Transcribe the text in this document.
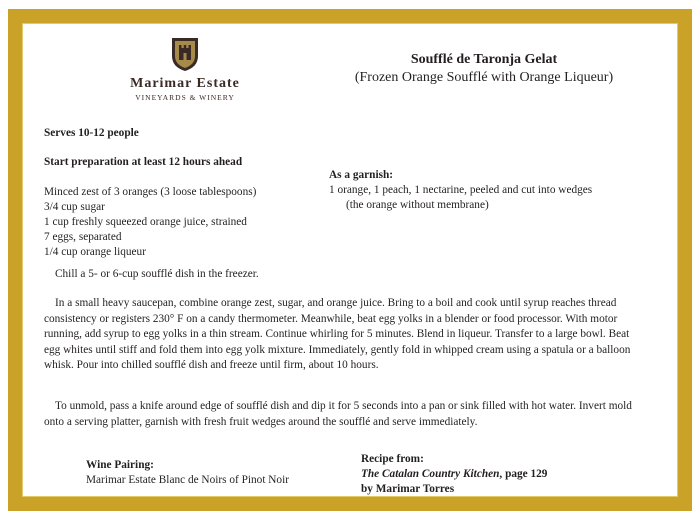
Marimar Estate
VINEYARDS & WINERY
Soufflé de Taronja Gelat
(Frozen Orange Soufflé with Orange Liqueur)
Serves 10-12 people
Start preparation at least 12 hours ahead
Minced zest of 3 oranges (3 loose tablespoons)
3/4 cup sugar
1 cup freshly squeezed orange juice, strained
7 eggs, separated
1/4 cup orange liqueur
As a garnish:
1 orange, 1 peach, 1 nectarine, peeled and cut into wedges
(the orange without membrane)
Chill a 5- or 6-cup soufflé dish in the freezer.
In a small heavy saucepan, combine orange zest, sugar, and orange juice. Bring to a boil and cook until syrup reaches thread consistency or registers 230° F on a candy thermometer. Meanwhile, beat egg yolks in a blender or food processor. With motor running, add syrup to egg yolks in a thin stream. Continue whirling for 5 minutes. Blend in liqueur. Transfer to a large bowl. Beat egg whites until stiff and fold them into egg yolk mixture. Immediately, gently fold in whipped cream using a spatula or a balloon whisk. Pour into chilled soufflé dish and freeze until firm, about 10 hours.
To unmold, pass a knife around edge of soufflé dish and dip it for 5 seconds into a pan or sink filled with hot water. Invert mold onto a serving platter, garnish with fresh fruit wedges around the soufflé and serve immediately.
Wine Pairing:
Marimar Estate Blanc de Noirs of Pinot Noir
Recipe from:
The Catalan Country Kitchen, page 129
by Marimar Torres
